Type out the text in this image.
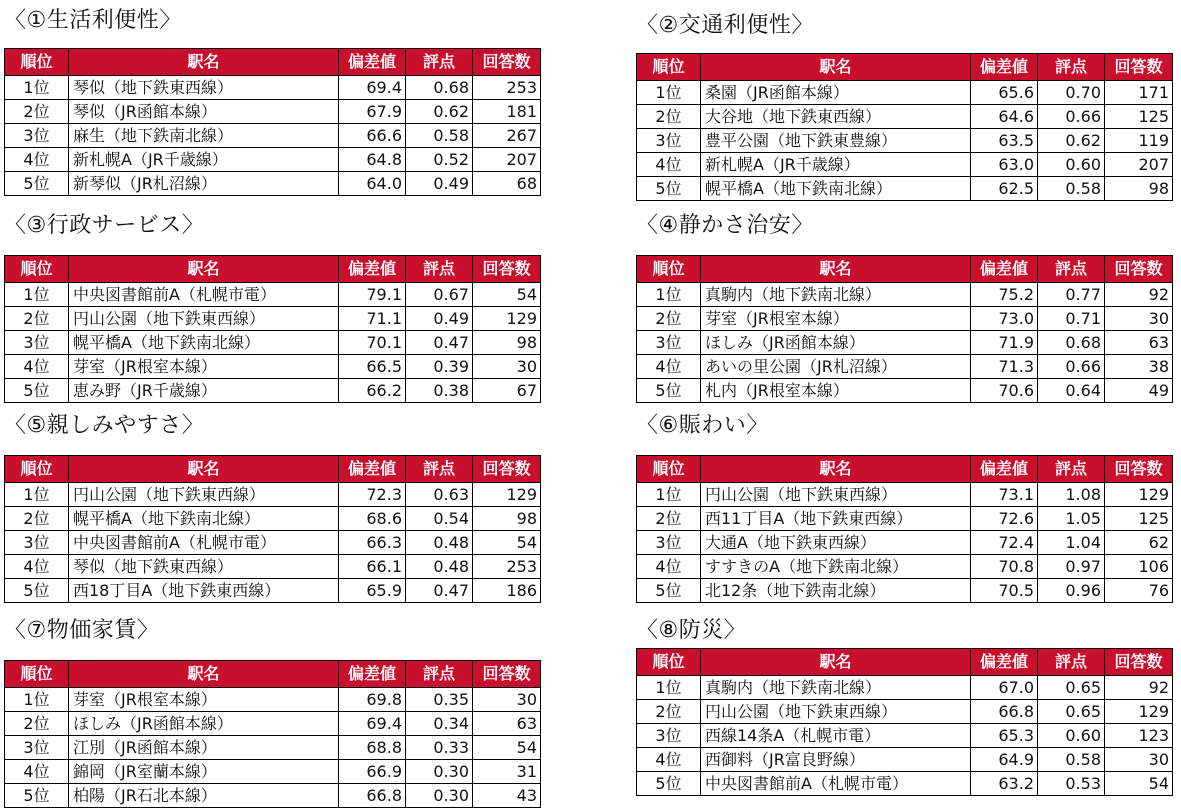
〈①生活利便性〉
順位	駅名	偏差値	評点	回答数
1位	琴似（地下鉄東西線）	69.4	0.68	253
2位	琴似（JR函館本線）	67.9	0.62	181
3位	麻生（地下鉄南北線）	66.6	0.58	267
4位	新札幌A（JR千歳線）	64.8	0.52	207
5位	新琴似（JR札沼線）	64.0	0.49	68
〈②交通利便性〉
順位	駅名	偏差値	評点	回答数
1位	桑園（JR函館本線）	65.6	0.70	171
2位	大谷地（地下鉄東西線）	64.6	0.66	125
3位	豊平公園（地下鉄東豊線）	63.5	0.62	119
4位	新札幌A（JR千歳線）	63.0	0.60	207
5位	幌平橋A（地下鉄南北線）	62.5	0.58	98
〈③行政サービス〉
順位	駅名	偏差値	評点	回答数
1位	中央図書館前A（札幌市電）	79.1	0.67	54
2位	円山公園（地下鉄東西線）	71.1	0.49	129
3位	幌平橋A（地下鉄南北線）	70.1	0.47	98
4位	芽室（JR根室本線）	66.5	0.39	30
5位	恵み野（JR千歳線）	66.2	0.38	67
〈④静かさ治安〉
順位	駅名	偏差値	評点	回答数
1位	真駒内（地下鉄南北線）	75.2	0.77	92
2位	芽室（JR根室本線）	73.0	0.71	30
3位	ほしみ（JR函館本線）	71.9	0.68	63
4位	あいの里公園（JR札沼線）	71.3	0.66	38
5位	札内（JR根室本線）	70.6	0.64	49
〈⑤親しみやすさ〉
順位	駅名	偏差値	評点	回答数
1位	円山公園（地下鉄東西線）	72.3	0.63	129
2位	幌平橋A（地下鉄南北線）	68.6	0.54	98
3位	中央図書館前A（札幌市電）	66.3	0.48	54
4位	琴似（地下鉄東西線）	66.1	0.48	253
5位	西18丁目A（地下鉄東西線）	65.9	0.47	186
〈⑥賑わい〉
順位	駅名	偏差値	評点	回答数
1位	円山公園（地下鉄東西線）	73.1	1.08	129
2位	西11丁目A（地下鉄東西線）	72.6	1.05	125
3位	大通A（地下鉄東西線）	72.4	1.04	62
4位	すすきのA（地下鉄南北線）	70.8	0.97	106
5位	北12条（地下鉄南北線）	70.5	0.96	76
〈⑦物価家賃〉
順位	駅名	偏差値	評点	回答数
1位	芽室（JR根室本線）	69.8	0.35	30
2位	ほしみ（JR函館本線）	69.4	0.34	63
3位	江別（JR函館本線）	68.8	0.33	54
4位	錦岡（JR室蘭本線）	66.9	0.30	31
5位	柏陽（JR石北本線）	66.8	0.30	43
〈⑧防災〉
順位	駅名	偏差値	評点	回答数
1位	真駒内（地下鉄南北線）	67.0	0.65	92
2位	円山公園（地下鉄東西線）	66.8	0.65	129
3位	西線14条A（札幌市電）	65.3	0.60	123
4位	西御料（JR富良野線）	64.9	0.58	30
5位	中央図書館前A（札幌市電）	63.2	0.53	54
